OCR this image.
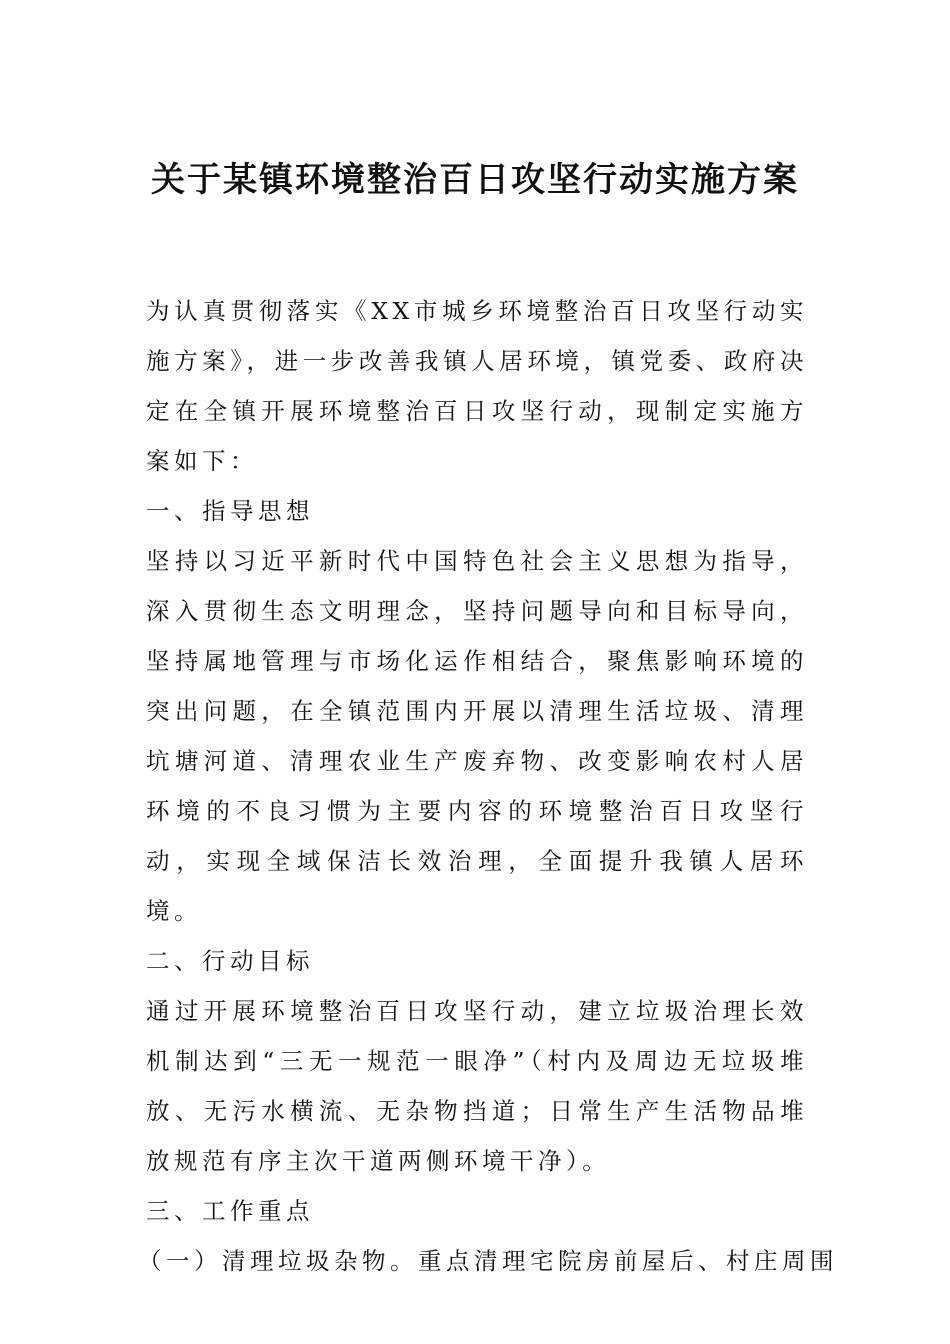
关于某镇环境整治百日攻坚行动实施方案

为认真贯彻落实《XX市城乡环境整治百日攻坚行动实施方案》，进一步改善我镇人居环境，镇党委、政府决定在全镇开展环境整治百日攻坚行动，现制定实施方案如下：

一、指导思想

坚持以习近平新时代中国特色社会主义思想为指导，深入贯彻生态文明理念，坚持问题导向和目标导向，坚持属地管理与市场化运作相结合，聚焦影响环境的突出问题，在全镇范围内开展以清理生活垃圾、清理坑塘河道、清理农业生产废弃物、改变影响农村人居环境的不良习惯为主要内容的环境整治百日攻坚行动，实现全域保洁长效治理，全面提升我镇人居环境。

二、行动目标

通过开展环境整治百日攻坚行动，建立垃圾治理长效机制达到“三无一规范一眼净”（村内及周边无垃圾堆放、无污水横流、无杂物挡道；日常生产生活物品堆放规范有序主次干道两侧环境干净）。

三、工作重点

（一）清理垃圾杂物。重点清理宅院房前屋后、村庄周围
